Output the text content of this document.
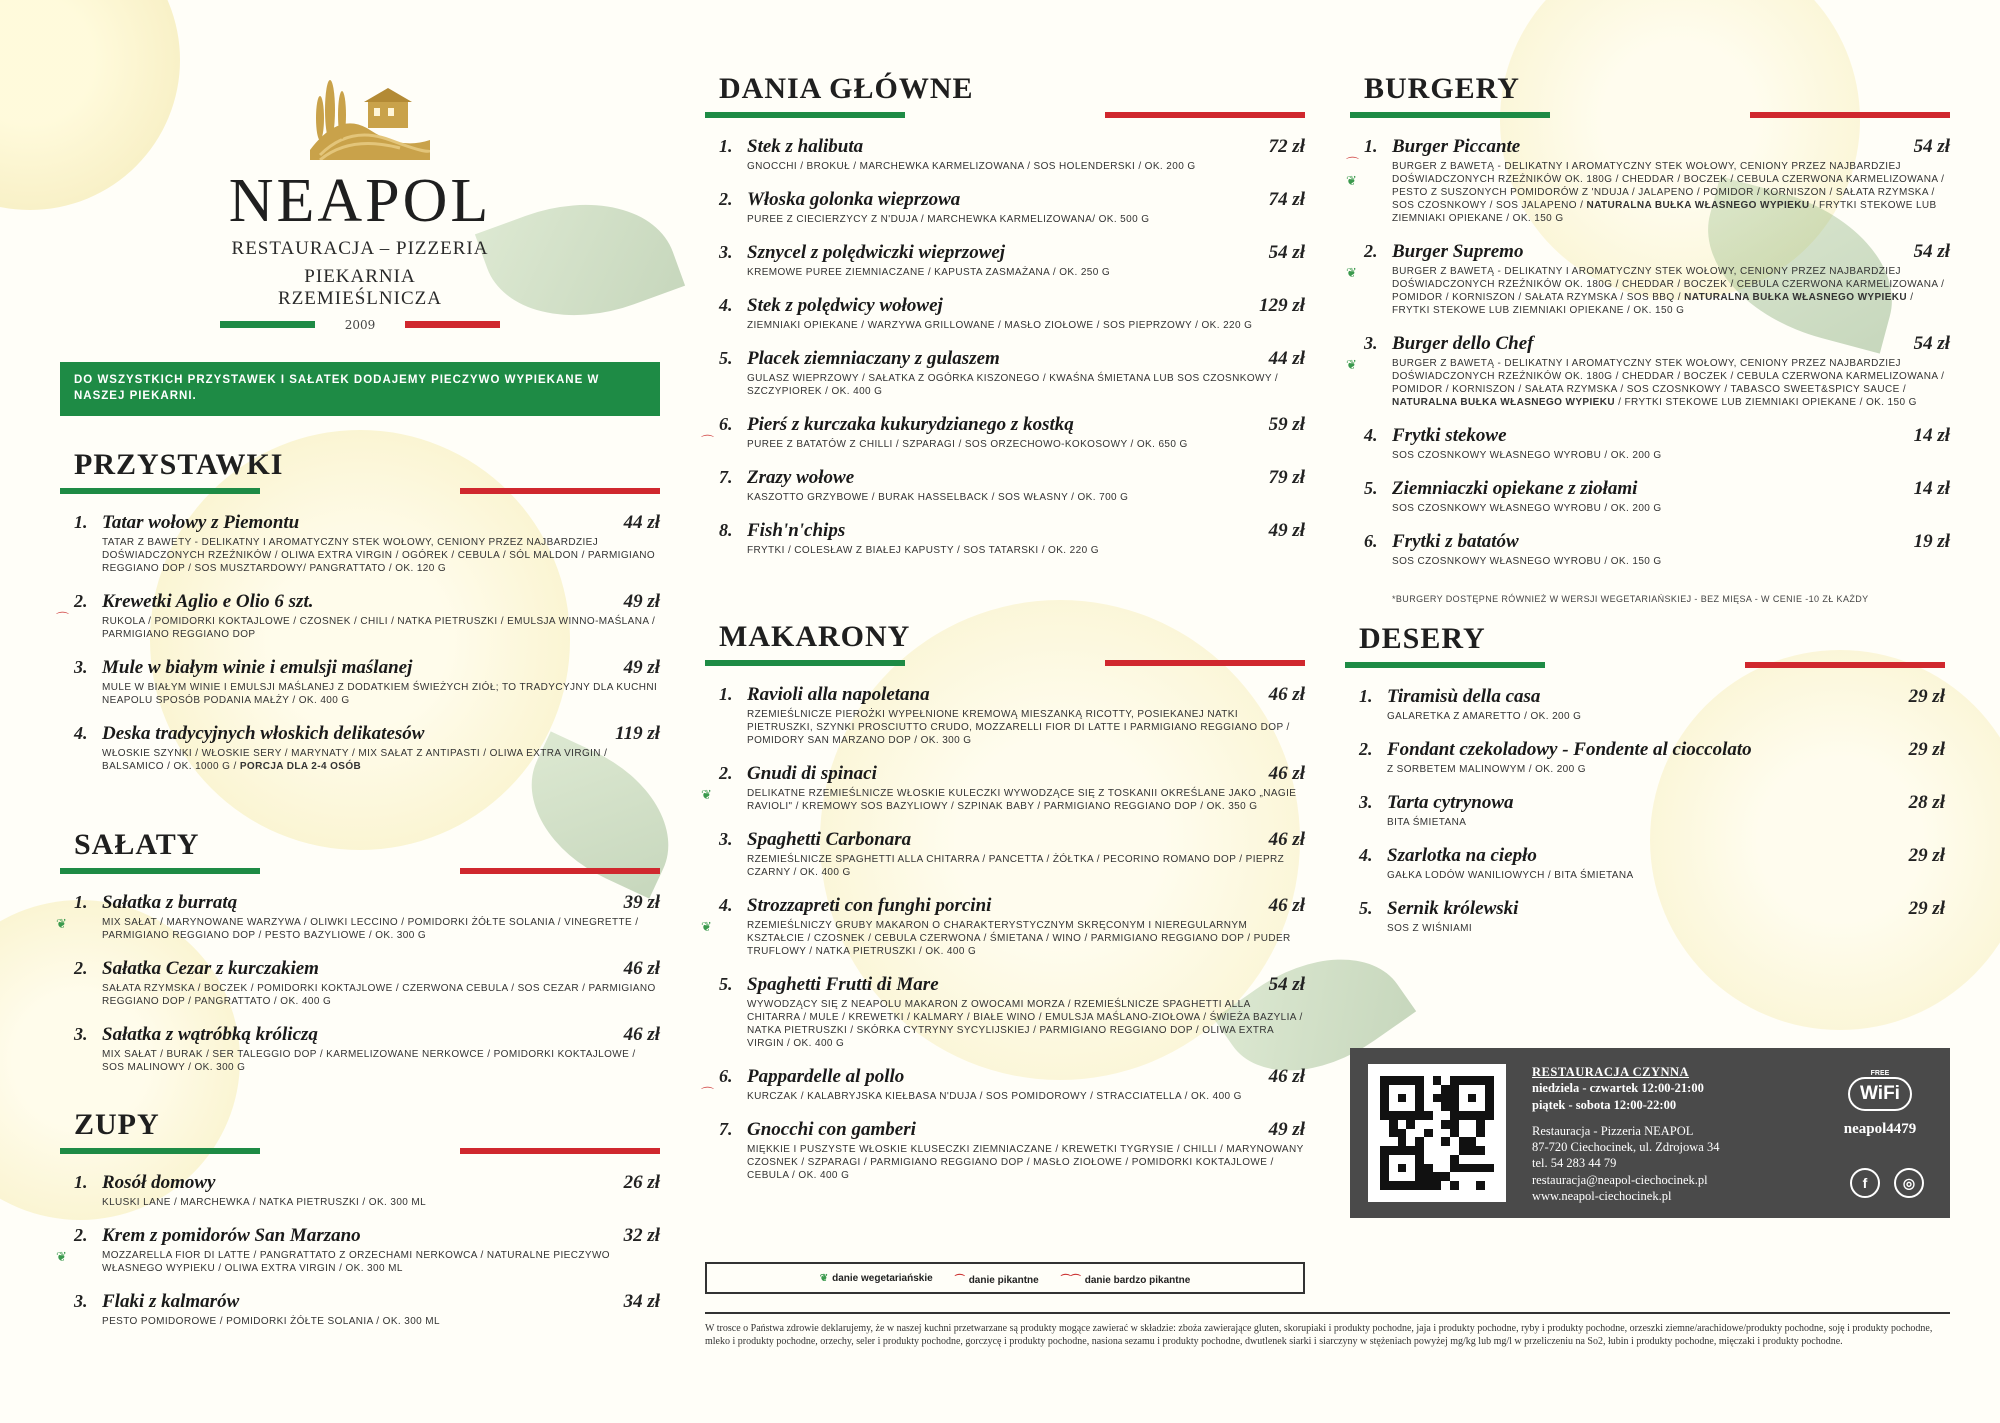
NEAPOL
RESTAURACJA – PIZZERIA
PIEKARNIA RZEMIEŚLNICZA
2009
DO WSZYSTKICH PRZYSTAWEK I SAŁATEK DODAJEMY PIECZYWO WYPIEKANE W NASZEJ PIEKARNI.
PRZYSTAWKI
1. Tatar wołowy z Piemontu	44 zł
TATAR Z BAWETY - DELIKATNY I AROMATYCZNY STEK WOŁOWY, CENIONY PRZEZ NAJBARDZIEJ DOŚWIADCZONYCH RZEŹNIKÓW / OLIWA EXTRA VIRGIN / OGÓREK / CEBULA / SÓL MALDON / PARMIGIANO REGGIANO DOP / SOS MUSZTARDOWY/ PANGRATTATO / OK. 120 G
⌒
2. Krewetki Aglio e Olio 6 szt.	49 zł
RUKOLA / POMIDORKI KOKTAJLOWE / CZOSNEK / CHILI / NATKA PIETRUSZKI / EMULSJA WINNO-MAŚLANA / PARMIGIANO REGGIANO DOP
3. Mule w białym winie i emulsji maślanej	49 zł
MULE W BIAŁYM WINIE I EMULSJI MAŚLANEJ Z DODATKIEM ŚWIEŻYCH ZIÓŁ; TO TRADYCYJNY DLA KUCHNI NEAPOLU SPOSÓB PODANIA MAŁŻY / OK. 400 G
4. Deska tradycyjnych włoskich delikatesów	119 zł
WŁOSKIE SZYNKI / WŁOSKIE SERY / MARYNATY / MIX SAŁAT Z ANTIPASTI / OLIWA EXTRA VIRGIN / BALSAMICO / OK. 1000 G / PORCJA DLA 2-4 OSÓB
SAŁATY
❦
1. Sałatka z burratą	39 zł
MIX SAŁAT / MARYNOWANE WARZYWA / OLIWKI LECCINO / POMIDORKI ŻÓŁTE SOLANIA / VINEGRETTE / PARMIGIANO REGGIANO DOP / PESTO BAZYLIOWE / OK. 300 G
2. Sałatka Cezar z kurczakiem	46 zł
SAŁATA RZYMSKA / BOCZEK / POMIDORKI KOKTAJLOWE / CZERWONA CEBULA / SOS CEZAR / PARMIGIANO REGGIANO DOP / PANGRATTATO / OK. 400 G
3. Sałatka z wątróbką króliczą	46 zł
MIX SAŁAT / BURAK / SER TALEGGIO DOP / KARMELIZOWANE NERKOWCE / POMIDORKI KOKTAJLOWE / SOS MALINOWY / OK. 300 G
ZUPY
1. Rosół domowy	26 zł
KLUSKI LANE / MARCHEWKA / NATKA PIETRUSZKI / OK. 300 ML
❦
2. Krem z pomidorów San Marzano	32 zł
MOZZARELLA FIOR DI LATTE / PANGRATTATO Z ORZECHAMI NERKOWCA / NATURALNE PIECZYWO WŁASNEGO WYPIEKU / OLIWA EXTRA VIRGIN / OK. 300 ML
3. Flaki z kalmarów	34 zł
PESTO POMIDOROWE / POMIDORKI ŻÓŁTE SOLANIA / OK. 300 ML
DANIA GŁÓWNE
1. Stek z halibuta	72 zł
GNOCCHI / BROKUŁ / MARCHEWKA KARMELIZOWANA / SOS HOLENDERSKI / OK. 200 G
2. Włoska golonka wieprzowa	74 zł
PUREE Z CIECIERZYCY Z N'DUJA / MARCHEWKA KARMELIZOWANA/ OK. 500 G
3. Sznycel z polędwiczki wieprzowej	54 zł
KREMOWE PUREE ZIEMNIACZANE / KAPUSTA ZASMAŻANA / OK. 250 G
4. Stek z polędwicy wołowej	129 zł
ZIEMNIAKI OPIEKANE / WARZYWA GRILLOWANE / MASŁO ZIOŁOWE / SOS PIEPRZOWY / OK. 220 G
5. Placek ziemniaczany z gulaszem	44 zł
GULASZ WIEPRZOWY / SAŁATKA Z OGÓRKA KISZONEGO / KWAŚNA ŚMIETANA LUB SOS CZOSNKOWY / SZCZYPIOREK / OK. 400 G
⌒
6. Pierś z kurczaka kukurydzianego z kostką	59 zł
PUREE Z BATATÓW Z CHILLI / SZPARAGI / SOS ORZECHOWO-KOKOSOWY / OK. 650 G
7. Zrazy wołowe	79 zł
KASZOTTO GRZYBOWE / BURAK HASSELBACK / SOS WŁASNY / OK. 700 G
8. Fish'n'chips	49 zł
FRYTKI / COLESŁAW Z BIAŁEJ KAPUSTY / SOS TATARSKI / OK. 220 G
MAKARONY
1. Ravioli alla napoletana	46 zł
RZEMIEŚLNICZE PIEROŻKI WYPEŁNIONE KREMOWĄ MIESZANKĄ RICOTTY, POSIEKANEJ NATKI PIETRUSZKI, SZYNKI PROSCIUTTO CRUDO, MOZZARELLI FIOR DI LATTE I PARMIGIANO REGGIANO DOP / POMIDORY SAN MARZANO DOP / OK. 300 G
❦
2. Gnudi di spinaci	46 zł
DELIKATNE RZEMIEŚLNICZE WŁOSKIE KULECZKI WYWODZĄCE SIĘ Z TOSKANII OKREŚLANE JAKO „NAGIE RAVIOLI" / KREMOWY SOS BAZYLIOWY / SZPINAK BABY / PARMIGIANO REGGIANO DOP / OK. 350 G
3. Spaghetti Carbonara	46 zł
RZEMIEŚLNICZE SPAGHETTI ALLA CHITARRA / PANCETTA / ŻÓŁTKA / PECORINO ROMANO DOP / PIEPRZ CZARNY / OK. 400 G
❦
4. Strozzapreti con funghi porcini	46 zł
RZEMIEŚLNICZY GRUBY MAKARON O CHARAKTERYSTYCZNYM SKRĘCONYM I NIEREGULARNYM KSZTAŁCIE / CZOSNEK / CEBULA CZERWONA / ŚMIETANA / WINO / PARMIGIANO REGGIANO DOP / PUDER TRUFLOWY / NATKA PIETRUSZKI / OK. 400 G
5. Spaghetti Frutti di Mare	54 zł
WYWODZĄCY SIĘ Z NEAPOLU MAKARON Z OWOCAMI MORZA / RZEMIEŚLNICZE SPAGHETTI ALLA CHITARRA / MULE / KREWETKI / KALMARY / BIAŁE WINO / EMULSJA MAŚLANO-ZIOŁOWA / ŚWIEŻA BAZYLIA / NATKA PIETRUSZKI / SKÓRKA CYTRYNY SYCYLIJSKIEJ / PARMIGIANO REGGIANO DOP / OLIWA EXTRA VIRGIN / OK. 400 G
⌒
6. Pappardelle al pollo	46 zł
KURCZAK / KALABRYJSKA KIEŁBASA N'DUJA / SOS POMIDOROWY / STRACCIATELLA / OK. 400 G
7. Gnocchi con gamberi	49 zł
MIĘKKIE I PUSZYSTE WŁOSKIE KLUSECZKI ZIEMNIACZANE / KREWETKI TYGRYSIE / CHILLI / MARYNOWANY CZOSNEK / SZPARAGI / PARMIGIANO REGGIANO DOP / MASŁO ZIOŁOWE / POMIDORKI KOKTAJLOWE / CEBULA / OK. 400 G
BURGERY
⌒
❦
1. Burger Piccante	54 zł
BURGER Z BAWETĄ - DELIKATNY I AROMATYCZNY STEK WOŁOWY, CENIONY PRZEZ NAJBARDZIEJ DOŚWIADCZONYCH RZEŹNIKÓW OK. 180G / CHEDDAR / BOCZEK / CEBULA CZERWONA KARMELIZOWANA / PESTO Z SUSZONYCH POMIDORÓW Z 'NDUJA / JALAPENO / POMIDOR / KORNISZON / SAŁATA RZYMSKA / SOS CZOSNKOWY / SOS JALAPENO / NATURALNA BUŁKA WŁASNEGO WYPIEKU / FRYTKI STEKOWE LUB ZIEMNIAKI OPIEKANE / OK. 150 G
❦
2. Burger Supremo	54 zł
BURGER Z BAWETĄ - DELIKATNY I AROMATYCZNY STEK WOŁOWY, CENIONY PRZEZ NAJBARDZIEJ DOŚWIADCZONYCH RZEŹNIKÓW OK. 180G / CHEDDAR / BOCZEK / CEBULA CZERWONA KARMELIZOWANA / POMIDOR / KORNISZON / SAŁATA RZYMSKA / SOS BBQ / NATURALNA BUŁKA WŁASNEGO WYPIEKU / FRYTKI STEKOWE LUB ZIEMNIAKI OPIEKANE / OK. 150 G
❦
3. Burger dello Chef	54 zł
BURGER Z BAWETĄ - DELIKATNY I AROMATYCZNY STEK WOŁOWY, CENIONY PRZEZ NAJBARDZIEJ DOŚWIADCZONYCH RZEŹNIKÓW OK. 180G / CHEDDAR / BOCZEK / CEBULA CZERWONA KARMELIZOWANA / POMIDOR / KORNISZON / SAŁATA RZYMSKA / SOS CZOSNKOWY / TABASCO SWEET&SPICY SAUCE / NATURALNA BUŁKA WŁASNEGO WYPIEKU / FRYTKI STEKOWE LUB ZIEMNIAKI OPIEKANE / OK. 150 G
4. Frytki stekowe	14 zł
SOS CZOSNKOWY WŁASNEGO WYROBU / OK. 200 G
5. Ziemniaczki opiekane z ziołami	14 zł
SOS CZOSNKOWY WŁASNEGO WYROBU / OK. 200 G
6. Frytki z batatów	19 zł
SOS CZOSNKOWY WŁASNEGO WYROBU / OK. 150 G
*BURGERY DOSTĘPNE RÓWNIEŻ W WERSJI WEGETARIAŃSKIEJ - BEZ MIĘSA - W CENIE -10 ZŁ KAŻDY
DESERY
1. Tiramisù della casa	29 zł
GALARETKA Z AMARETTO / OK. 200 G
2. Fondant czekoladowy - Fondente al cioccolato	29 zł
Z SORBETEM MALINOWYM / OK. 200 G
3. Tarta cytrynowa	28 zł
BITA ŚMIETANA
4. Szarlotka na ciepło	29 zł
GAŁKA LODÓW WANILIOWYCH / BITA ŚMIETANA
5. Sernik królewski	29 zł
SOS Z WIŚNIAMI
❦ danie wegetariańskie ⌒ danie pikantne ⌒⌒ danie bardzo pikantne
W trosce o Państwa zdrowie deklarujemy, że w naszej kuchni przetwarzane są produkty mogące zawierać w składzie: zboża zawierające gluten, skorupiaki i produkty pochodne, jaja i produkty pochodne, ryby i produkty pochodne, orzeszki ziemne/arachidowe/produkty pochodne, soję i produkty pochodne, mleko i produkty pochodne, orzechy, seler i produkty pochodne, gorczycę i produkty pochodne, nasiona sezamu i produkty pochodne, dwutlenek siarki i siarczyny w stężeniach powyżej mg/kg lub mg/l w przeliczeniu na So2, łubin i produkty pochodne, mięczaki i produkty pochodne.
RESTAURACJA CZYNNA
niedziela - czwartek 12:00-21:00
piątek - sobota 12:00-22:00
Restauracja - Pizzeria NEAPOL
87-720 Ciechocinek, ul. Zdrojowa 34
tel. 54 283 44 79
restauracja@neapol-ciechocinek.pl
www.neapol-ciechocinek.pl
FREE
WiFi
neapol4479
f	◎
